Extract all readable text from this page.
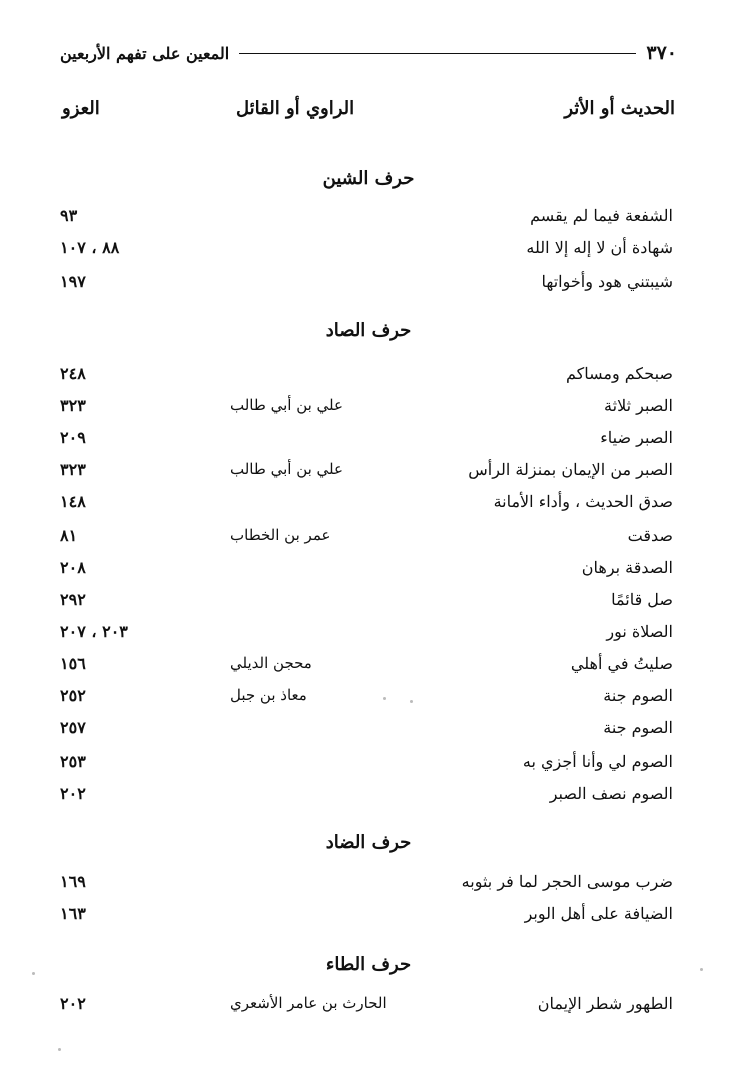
٣٧٠
المعين على تفهم الأربعين
الحديث أو الأثر
الراوي أو القائل
العزو
حرف الشين
الشفعة فيما لم يقسم
٩٣
شهادة أن لا إله إلا الله
٨٨ ، ١٠٧
شيبتني هود وأخواتها
١٩٧
حرف الصاد
صبحكم ومساكم
٢٤٨
الصبر ثلاثة
علي بن أبي طالب
٣٢٣
الصبر ضياء
٢٠٩
الصبر من الإيمان بمنزلة الرأس
علي بن أبي طالب
٣٢٣
صدق الحديث ، وأداء الأمانة
١٤٨
صدقت
عمر بن الخطاب
٨١
الصدقة برهان
٢٠٨
صل قائمًا
٢٩٢
الصلاة نور
٢٠٣ ، ٢٠٧
صليتُ في أهلي
محجن الديلي
١٥٦
الصوم جنة
معاذ بن جبل
٢٥٢
الصوم جنة
٢٥٧
الصوم لي وأنا أجزي به
٢٥٣
الصوم نصف الصبر
٢٠٢
حرف الضاد
ضرب موسى الحجر لما فر بثوبه
١٦٩
الضيافة على أهل الوبر
١٦٣
حرف الطاء
الطهور شطر الإيمان
الحارث بن عامر الأشعري
٢٠٢
